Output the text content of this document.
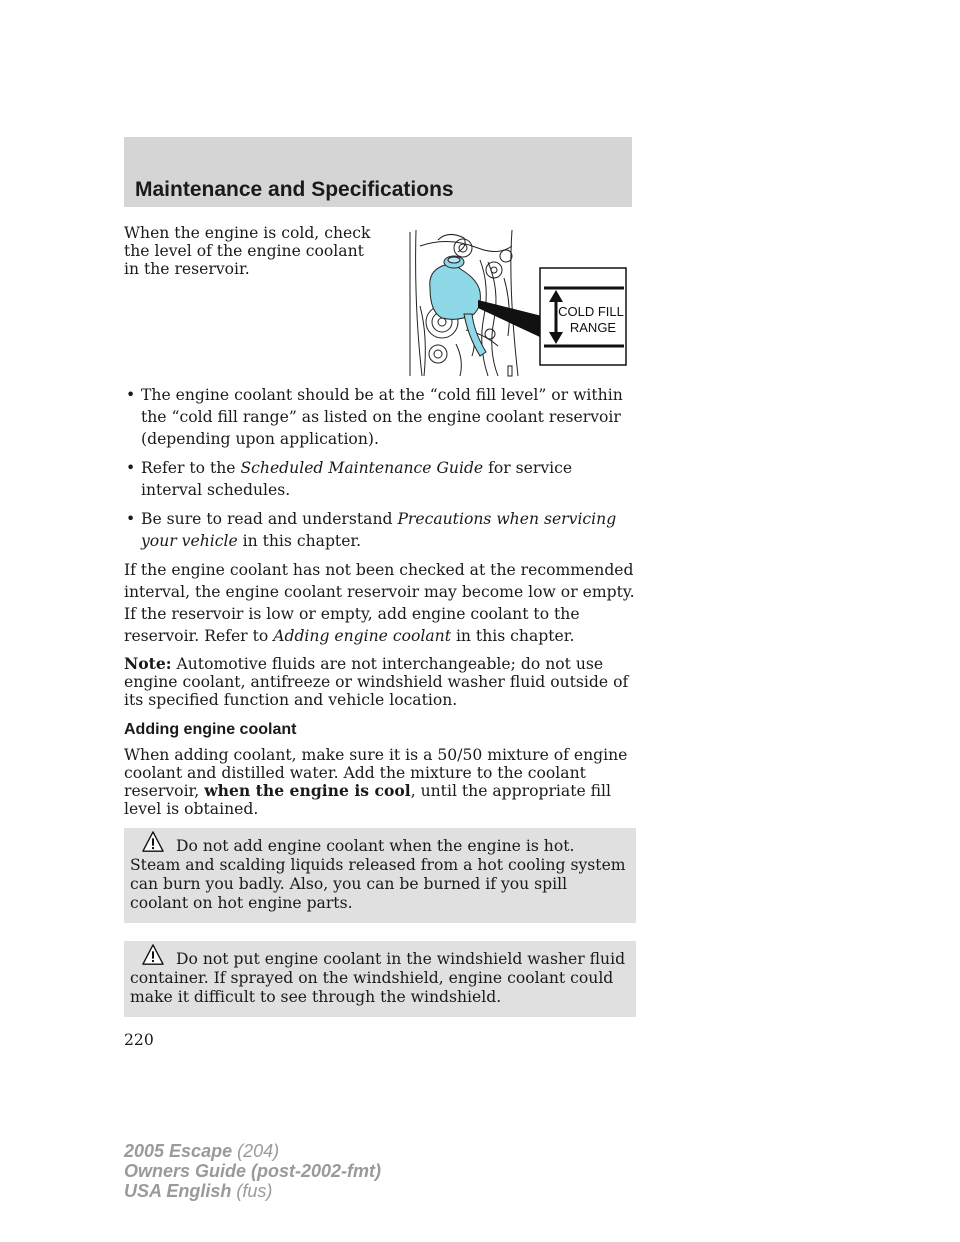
Maintenance and Specifications
COLD FILL
RANGE

When the engine is cold, check the level of the engine coolant in the reservoir.

• The engine coolant should be at the “cold fill level” or within the “cold fill range” as listed on the engine coolant reservoir (depending upon application).
• Refer to the Scheduled Maintenance Guide for service interval schedules.
• Be sure to read and understand Precautions when servicing your vehicle in this chapter.

If the engine coolant has not been checked at the recommended interval, the engine coolant reservoir may become low or empty. If the reservoir is low or empty, add engine coolant to the reservoir. Refer to Adding engine coolant in this chapter.

Note: Automotive fluids are not interchangeable; do not use engine coolant, antifreeze or windshield washer fluid outside of its specified function and vehicle location.

Adding engine coolant

When adding coolant, make sure it is a 50/50 mixture of engine coolant and distilled water. Add the mixture to the coolant reservoir, when the engine is cool, until the appropriate fill level is obtained.

Do not add engine coolant when the engine is hot. Steam and scalding liquids released from a hot cooling system can burn you badly. Also, you can be burned if you spill coolant on hot engine parts.
Do not put engine coolant in the windshield washer fluid container. If sprayed on the windshield, engine coolant could make it difficult to see through the windshield.

220

2005 Escape (204)
Owners Guide (post-2002-fmt)
USA English (fus)
